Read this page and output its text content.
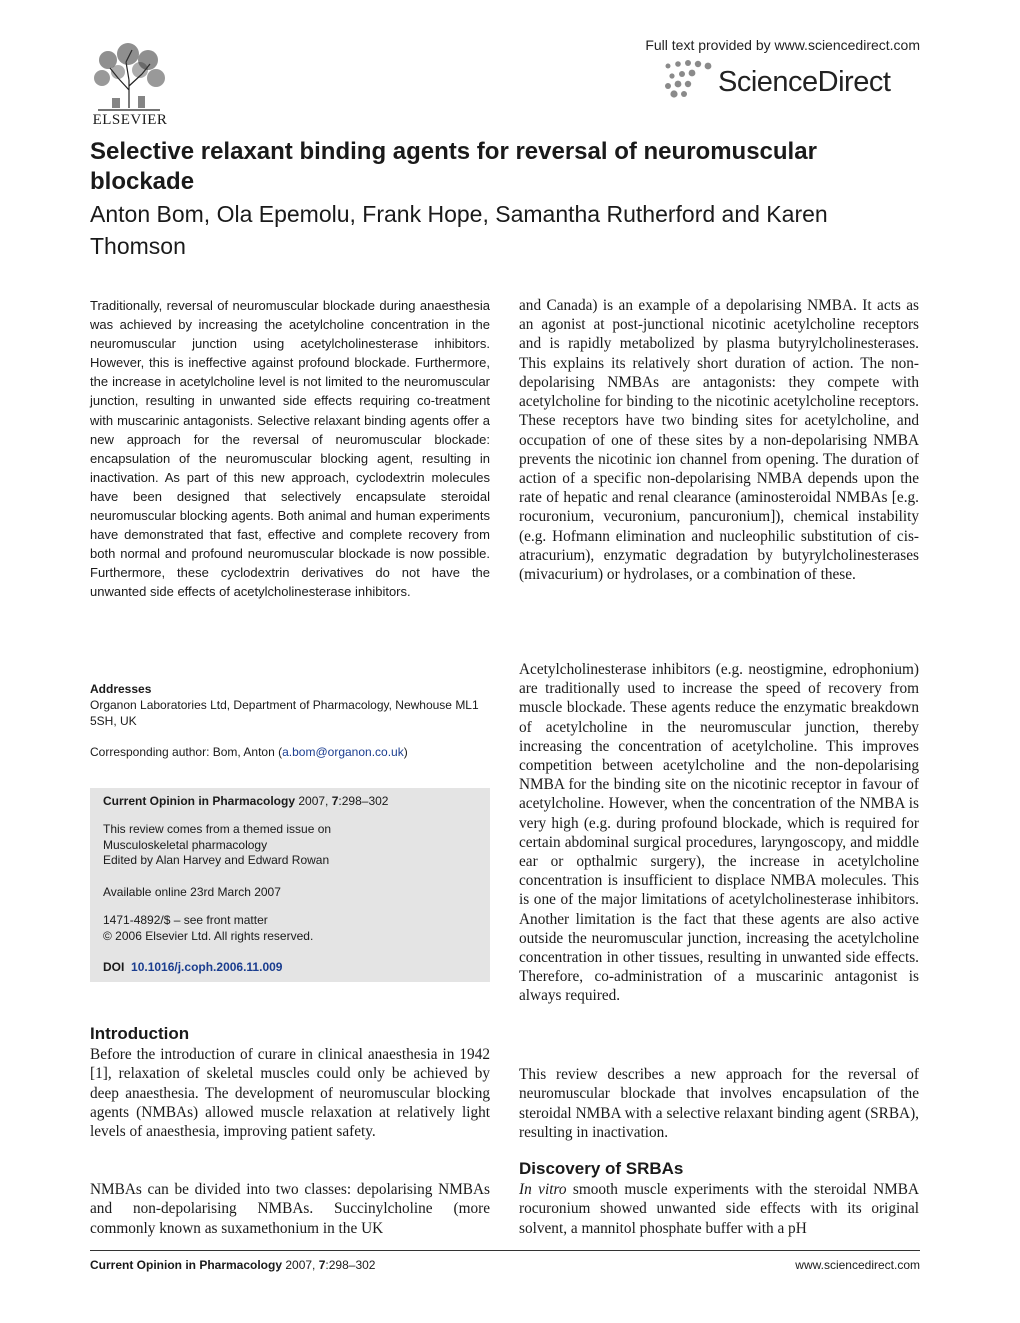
ELSEVIER
Full text provided by www.sciencedirect.com
ScienceDirect
Selective relaxant binding agents for reversal of neuromuscular blockade
Anton Bom, Ola Epemolu, Frank Hope, Samantha Rutherford and Karen Thomson
Traditionally, reversal of neuromuscular blockade during anaesthesia was achieved by increasing the acetylcholine concentration in the neuromuscular junction using acetylcholinesterase inhibitors. However, this is ineffective against profound blockade. Furthermore, the increase in acetylcholine level is not limited to the neuromuscular junction, resulting in unwanted side effects requiring co-treatment with muscarinic antagonists. Selective relaxant binding agents offer a new approach for the reversal of neuromuscular blockade: encapsulation of the neuromuscular blocking agent, resulting in inactivation. As part of this new approach, cyclodextrin molecules have been designed that selectively encapsulate steroidal neuromuscular blocking agents. Both animal and human experiments have demonstrated that fast, effective and complete recovery from both normal and profound neuromuscular blockade is now possible. Furthermore, these cyclodextrin derivatives do not have the unwanted side effects of acetylcholinesterase inhibitors.
Addresses
Organon Laboratories Ltd, Department of Pharmacology, Newhouse ML1 5SH, UK
Corresponding author: Bom, Anton (a.bom@organon.co.uk)
Current Opinion in Pharmacology 2007, 7:298–302
This review comes from a themed issue on
Musculoskeletal pharmacology
Edited by Alan Harvey and Edward Rowan
Available online 23rd March 2007
1471-4892/$ – see front matter
© 2006 Elsevier Ltd. All rights reserved.
DOI 10.1016/j.coph.2006.11.009
Introduction
Before the introduction of curare in clinical anaesthesia in 1942 [1], relaxation of skeletal muscles could only be achieved by deep anaesthesia. The development of neuromuscular blocking agents (NMBAs) allowed muscle relaxation at relatively light levels of anaesthesia, improving patient safety.
NMBAs can be divided into two classes: depolarising NMBAs and non-depolarising NMBAs. Succinylcholine (more commonly known as suxamethonium in the UK
and Canada) is an example of a depolarising NMBA. It acts as an agonist at post-junctional nicotinic acetylcholine receptors and is rapidly metabolized by plasma butyrylcholinesterases. This explains its relatively short duration of action. The non-depolarising NMBAs are antagonists: they compete with acetylcholine for binding to the nicotinic acetylcholine receptors. These receptors have two binding sites for acetylcholine, and occupation of one of these sites by a non-depolarising NMBA prevents the nicotinic ion channel from opening. The duration of action of a specific non-depolarising NMBA depends upon the rate of hepatic and renal clearance (aminosteroidal NMBAs [e.g. rocuronium, vecuronium, pancuronium]), chemical instability (e.g. Hofmann elimination and nucleophilic substitution of cis-atracurium), enzymatic degradation by butyrylcholinesterases (mivacurium) or hydrolases, or a combination of these.
Acetylcholinesterase inhibitors (e.g. neostigmine, edrophonium) are traditionally used to increase the speed of recovery from muscle blockade. These agents reduce the enzymatic breakdown of acetylcholine in the neuromuscular junction, thereby increasing the concentration of acetylcholine. This improves competition between acetylcholine and the non-depolarising NMBA for the binding site on the nicotinic receptor in favour of acetylcholine. However, when the concentration of the NMBA is very high (e.g. during profound blockade, which is required for certain abdominal surgical procedures, laryngoscopy, and middle ear or opthalmic surgery), the increase in acetylcholine concentration is insufficient to displace NMBA molecules. This is one of the major limitations of acetylcholinesterase inhibitors. Another limitation is the fact that these agents are also active outside the neuromuscular junction, increasing the acetylcholine concentration in other tissues, resulting in unwanted side effects. Therefore, co-administration of a muscarinic antagonist is always required.
This review describes a new approach for the reversal of neuromuscular blockade that involves encapsulation of the steroidal NMBA with a selective relaxant binding agent (SRBA), resulting in inactivation.
Discovery of SRBAs
In vitro smooth muscle experiments with the steroidal NMBA rocuronium showed unwanted side effects with its original solvent, a mannitol phosphate buffer with a pH
Current Opinion in Pharmacology 2007, 7:298–302	www.sciencedirect.com
